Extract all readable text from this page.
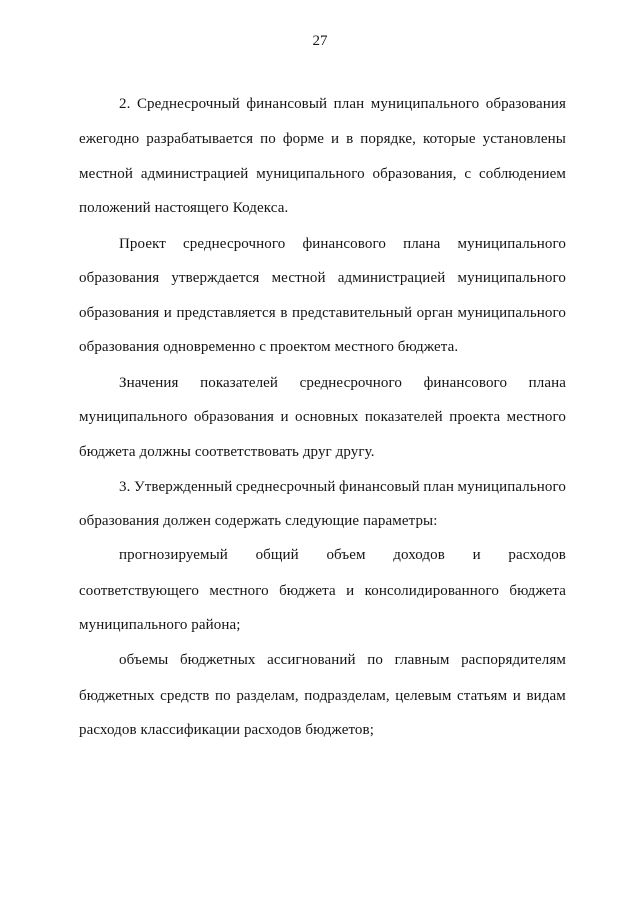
27
2. Среднесрочный финансовый план муниципального образования
ежегодно разрабатывается по форме и в порядке, которые установлены
местной администрацией муниципального образования, с соблюдением
положений настоящего Кодекса.
Проект среднесрочного финансового плана муниципального
образования утверждается местной администрацией муниципального
образования и представляется в представительный орган муниципального
образования одновременно с проектом местного бюджета.
Значения показателей среднесрочного финансового плана
муниципального образования и основных показателей проекта местного
бюджета должны соответствовать друг другу.
3. Утвержденный среднесрочный финансовый план муниципального
образования должен содержать следующие параметры:
прогнозируемый общий объем доходов и расходов
соответствующего местного бюджета и консолидированного бюджета
муниципального района;
объемы бюджетных ассигнований по главным распорядителям
бюджетных средств по разделам, подразделам, целевым статьям и видам
расходов классификации расходов бюджетов;
